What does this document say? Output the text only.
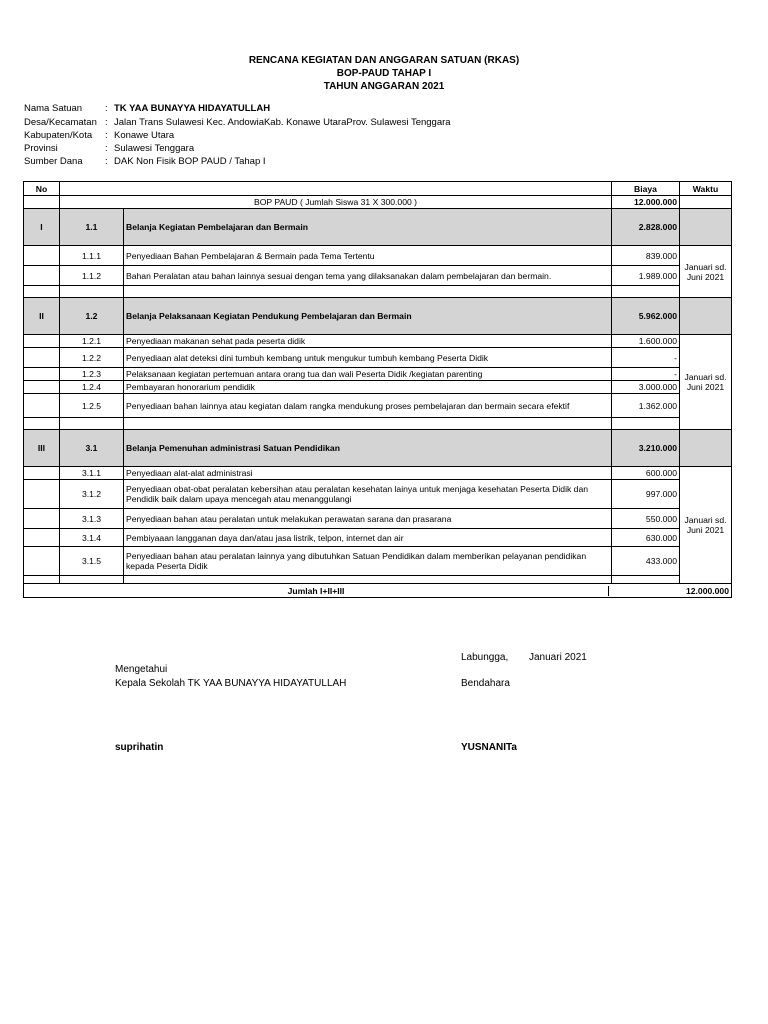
RENCANA KEGIATAN DAN ANGGARAN SATUAN (RKAS)
BOP-PAUD TAHAP I
TAHUN ANGGARAN 2021
Nama Satuan	: TK YAA BUNAYYA HIDAYATULLAH
Desa/Kecamatan : Jalan Trans Sulawesi Kec. AndowiaKab. Konawe UtaraProv. Sulawesi Tenggara
Kabupaten/Kota	: Konawe Utara
Provinsi	: Sulawesi Tenggara
Sumber Dana	: DAK Non Fisik BOP PAUD / Tahap I
No			Biaya	Waktu
	BOP PAUD ( Jumlah Siswa 31 X 300.000 )		12.000.000	
I	1.1	Belanja Kegiatan Pembelajaran dan Bermain	2.828.000	
	1.1.1	Penyediaan Bahan Pembelajaran & Bermain pada Tema Tertentu	839.000	Januari sd. Juni 2021
	1.1.2	Bahan Peralatan atau bahan lainnya sesuai dengan tema yang dilaksanakan dalam pembelajaran dan bermain.	1.989.000	

II	1.2	Belanja Pelaksanaan Kegiatan Pendukung Pembelajaran dan Bermain	5.962.000	
	1.2.1	Penyediaan makanan sehat pada peserta didik	1.600.000	Januari sd. Juni 2021
	1.2.2	Penyediaan alat deteksi dini tumbuh kembang untuk mengukur tumbuh kembang Peserta Didik	-	
	1.2.3	Pelaksanaan kegiatan pertemuan antara orang tua dan wali Peserta Didik /kegiatan parenting	-	
	1.2.4	Pembayaran honorarium pendidik	3.000.000	
	1.2.5	Penyediaan bahan lainnya atau kegiatan dalam rangka mendukung proses pembelajaran dan bermain secara efektif	1.362.000	

III	3.1	Belanja Pemenuhan administrasi Satuan Pendidikan	3.210.000	
	3.1.1	Penyediaan alat-alat administrasi	600.000	Januari sd. Juni 2021
	3.1.2	Penyediaan obat-obat peralatan kebersihan atau peralatan kesehatan lainya untuk menjaga kesehatan Peserta Didik dan Pendidik baik dalam upaya mencegah atau menanggulangi	997.000	
	3.1.3	Penyediaan bahan atau peralatan untuk melakukan perawatan sarana dan prasarana	550.000	
	3.1.4	Pembiyaaan langganan daya dan/atau jasa listrik, telpon, internet dan air	630.000	
	3.1.5	Penyediaan bahan atau peralatan lainnya yang dibutuhkan Satuan Pendidikan dalam memberikan pelayanan pendidikan kepada Peserta Didik	433.000	

Jumlah I+II+III				12.000.000
Labungga, Januari 2021
Mengetahui
Kepala Sekolah TK YAA BUNAYYA HIDAYATULLAH	Bendahara
suprihatin	YUSNANITa
